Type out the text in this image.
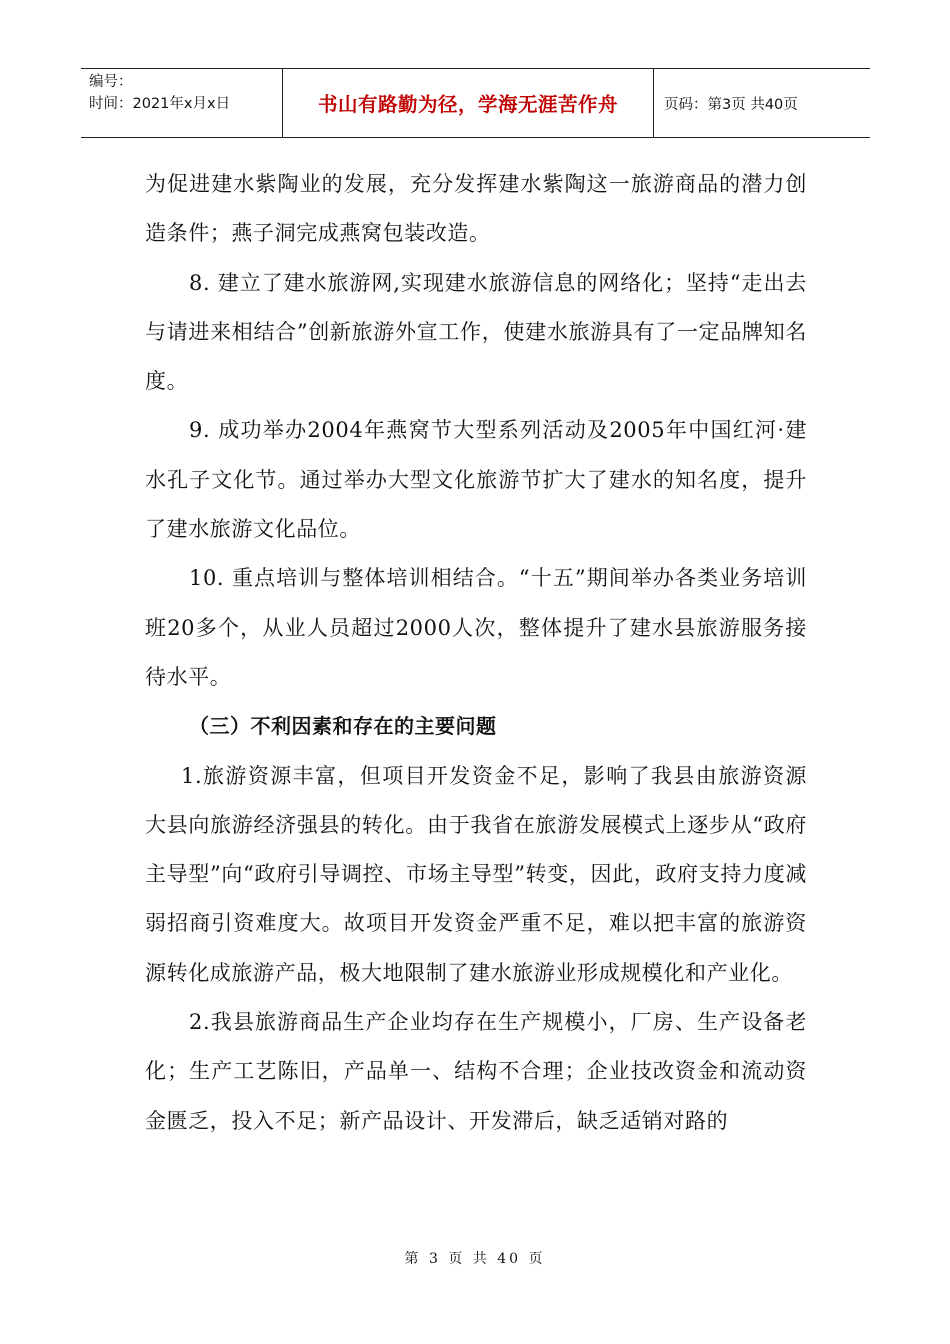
编号：
时间：2021年x月x日	书山有路勤为径，学海无涯苦作舟	页码：第3页 共40页

为促进建水紫陶业的发展，充分发挥建水紫陶这一旅游商品的潜力创造条件；燕子洞完成燕窝包装改造。

8. 建立了建水旅游网,实现建水旅游信息的网络化；坚持“走出去与请进来相结合”创新旅游外宣工作，使建水旅游具有了一定品牌知名度。

9. 成功举办2004年燕窝节大型系列活动及2005年中国红河·建水孔子文化节。通过举办大型文化旅游节扩大了建水的知名度，提升了建水旅游文化品位。

10. 重点培训与整体培训相结合。“十五”期间举办各类业务培训班20多个，从业人员超过2000人次，整体提升了建水县旅游服务接待水平。

（三）不利因素和存在的主要问题

1.旅游资源丰富，但项目开发资金不足，影响了我县由旅游资源大县向旅游经济强县的转化。由于我省在旅游发展模式上逐步从“政府主导型”向“政府引导调控、市场主导型”转变，因此，政府支持力度减弱招商引资难度大。故项目开发资金严重不足，难以把丰富的旅游资源转化成旅游产品，极大地限制了建水旅游业形成规模化和产业化。

2.我县旅游商品生产企业均存在生产规模小，厂房、生产设备老化；生产工艺陈旧，产品单一、结构不合理；企业技改资金和流动资金匮乏，投入不足；新产品设计、开发滞后，缺乏适销对路的

第 3 页 共 40 页
